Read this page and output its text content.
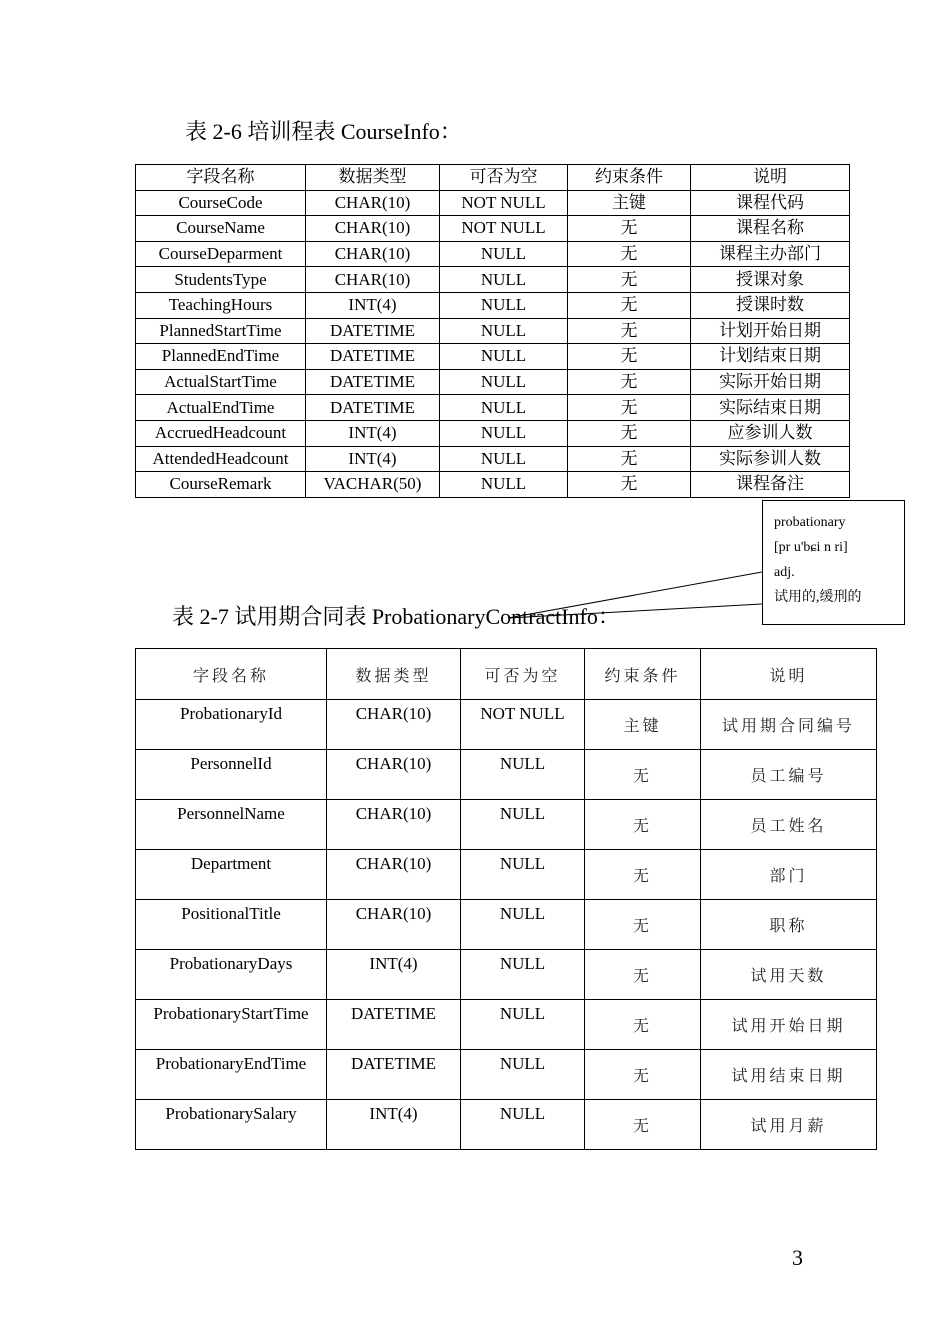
表 2-6 培训程表 CourseInfo：
字段名称	数据类型	可否为空	约束条件	说明
CourseCode	CHAR(10)	NOT NULL	主键	课程代码
CourseName	CHAR(10)	NOT NULL	无	课程名称
CourseDeparment	CHAR(10)	NULL	无	课程主办部门
StudentsType	CHAR(10)	NULL	无	授课对象
TeachingHours	INT(4)	NULL	无	授课时数
PlannedStartTime	DATETIME	NULL	无	计划开始日期
PlannedEndTime	DATETIME	NULL	无	计划结束日期
ActualStartTime	DATETIME	NULL	无	实际开始日期
ActualEndTime	DATETIME	NULL	无	实际结束日期
AccruedHeadcount	INT(4)	NULL	无	应参训人数
AttendedHeadcount	INT(4)	NULL	无	实际参训人数
CourseRemark	VACHAR(50)	NULL	无	课程备注
表 2-7 试用期合同表 ProbationaryContractInfo：
字段名称	数据类型	可否为空	约束条件	说明
ProbationaryId	CHAR(10)	NOT NULL	主键	试用期合同编号
PersonnelId	CHAR(10)	NULL	无	员工编号
PersonnelName	CHAR(10)	NULL	无	员工姓名
Department	CHAR(10)	NULL	无	部门
PositionalTitle	CHAR(10)	NULL	无	职称
ProbationaryDays	INT(4)	NULL	无	试用天数
ProbationaryStartTime	DATETIME	NULL	无	试用开始日期
ProbationaryEndTime	DATETIME	NULL	无	试用结束日期
ProbationarySalary	INT(4)	NULL	无	试用月薪
probationary
[pr u'bɕi n ri]
adj.
试用的,缓刑的
3
